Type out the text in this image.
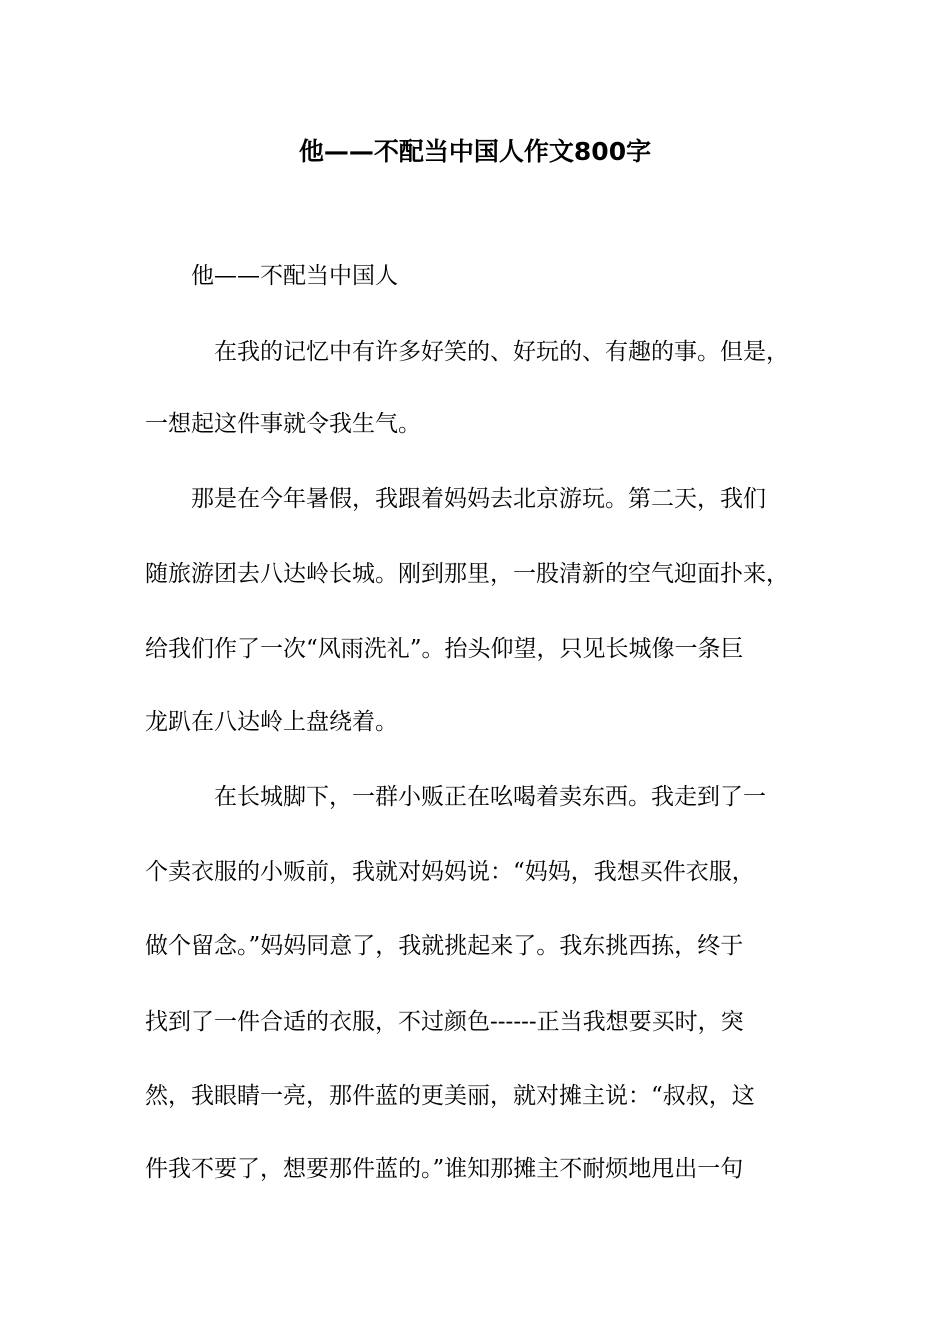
他——不配当中国人作文800字

　　他——不配当中国人

　　　在我的记忆中有许多好笑的、好玩的、有趣的事。但是，

一想起这件事就令我生气。

　　那是在今年暑假，我跟着妈妈去北京游玩。第二天，我们

随旅游团去八达岭长城。刚到那里，一股清新的空气迎面扑来，

给我们作了一次“风雨洗礼”。抬头仰望，只见长城像一条巨

龙趴在八达岭上盘绕着。

　　　在长城脚下，一群小贩正在吆喝着卖东西。我走到了一

个卖衣服的小贩前，我就对妈妈说：“妈妈，我想买件衣服，

做个留念。”妈妈同意了，我就挑起来了。我东挑西拣，终于

找到了一件合适的衣服，不过颜色------正当我想要买时，突

然，我眼睛一亮，那件蓝的更美丽，就对摊主说：“叔叔，这

件我不要了，想要那件蓝的。”谁知那摊主不耐烦地甩出一句
